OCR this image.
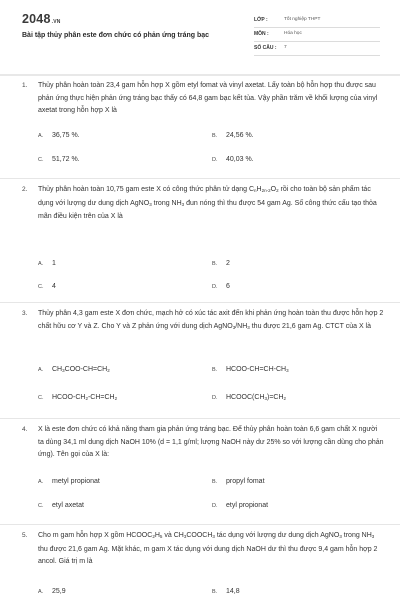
2048.VN
Bài tập thủy phân este đơn chức có phản ứng tráng bạc
LỚP :	Tốt nghiệp THPT
MÔN :	Hóa học
SỐ CÂU : 7
1. Thủy phân hoàn toàn 23,4 gam hỗn hợp X gồm etyl fomat và vinyl axetat. Lấy toàn bộ hỗn hợp thu được sau phản ứng thực hiện phản ứng tráng bạc thấy có 64,8 gam bạc kết tủa. Vậy phần trăm về khối lượng của vinyl axetat trong hỗn hợp X là
A. 36,75 %.	B. 24,56 %.
C. 51,72 %.	D. 40,03 %.
2. Thủy phân hoàn toàn 10,75 gam este X có công thức phân tử dạng $C_nH_{2n-2}O_2$ rồi cho toàn bộ sản phẩm tác dụng với lượng dư dung dịch AgNO$_3$ trong $NH_3$ đun nóng thì thu được 54 gam Ag. Số công thức cấu tạo thỏa mãn điều kiện trên của X là
A. 1	B. 2
C. 4	D. 6
3. Thủy phân 4,3 gam este X đơn chức, mạch hở có xúc tác axit đến khi phản ứng hoàn toàn thu được hỗn hợp 2 chất hữu cơ Y và Z. Cho Y và Z phản ứng với dung dịch $AgNO_3/NH_3$ thu được 21,6 gam Ag. CTCT của X là
A. $CH_3COO-CH=CH_2$	B. HCOO-$CH=CH-CH_3$
C. HCOO-$CH_2-CH=CH_2$	D. $HCOOC(CH_3)=CH_2$
4. X là este đơn chức có khả năng tham gia phản ứng tráng bạc. Để thủy phân hoàn toàn 6,6 gam chất X người ta dùng 34,1 ml dung dịch NaOH 10% (d = 1,1 g/ml; lượng NaOH này dư 25% so với lượng cần dùng cho phản ứng). Tên gọi của X là:
A. metyl propionat	B. propyl fomat
C. etyl axetat	D. etyl propionat
5. Cho m gam hỗn hợp X gồm $HCOOC_2H_5$ và $CH_3COOCH_3$ tác dụng với lượng dư dung dịch AgNO$_3$ trong $NH_3$ thu được 21,6 gam Ag. Mặt khác, m gam X tác dụng với dung dịch NaOH dư thì thu được 9,4 gam hỗn hợp 2 ancol. Giá trị m là
A. 25,9	B. 14,8
